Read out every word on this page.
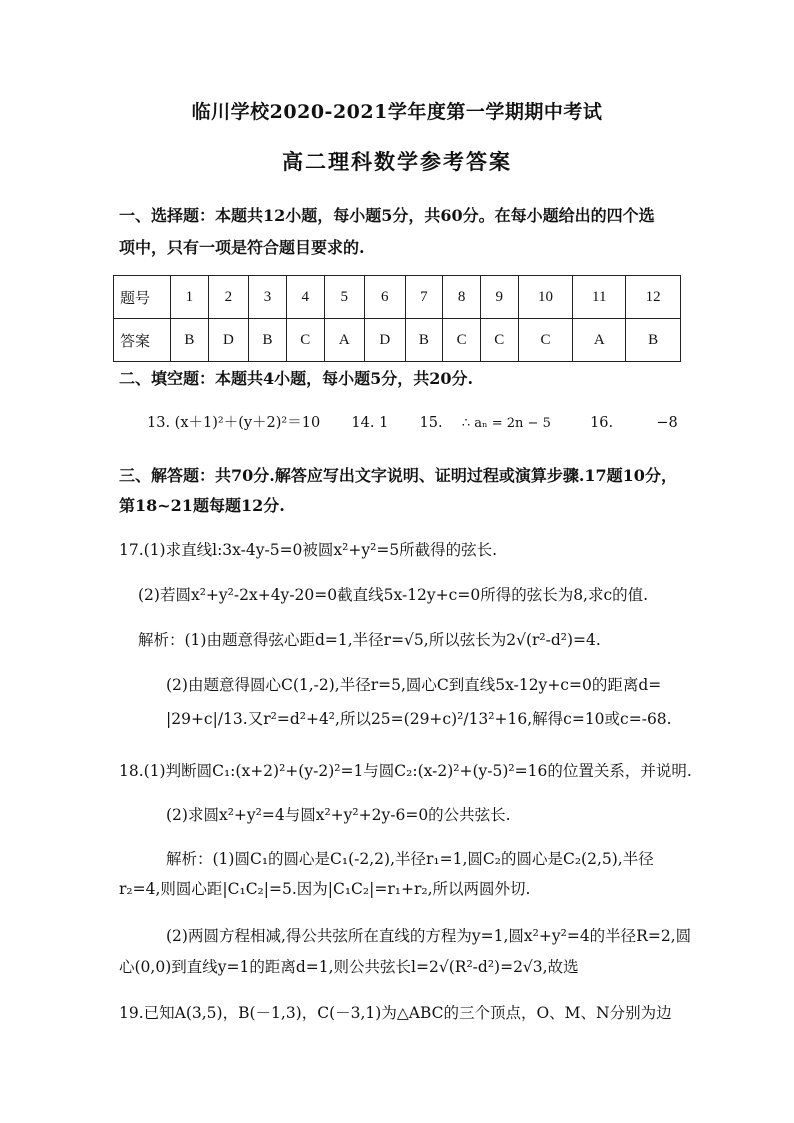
临川学校2020-2021学年度第一学期期中考试
高二理科数学参考答案
一、选择题：本题共12小题，每小题5分，共60分。在每小题给出的四个选
项中，只有一项是符合题目要求的.
题号	1	2	3	4	5	6	7	8	9	10	11	12
答案	B	D	B	C	A	D	B	C	C	C	A	B
二、填空题：本题共4小题，每小题5分，共20分.
13. (x＋1)²＋(y＋2)²＝10 14. 1 15. ∴ aₙ = 2n − 5	16.	−8
三、解答题：共70分.解答应写出文字说明、证明过程或演算步骤.17题10分，
第18~21题每题12分.
17.(1)求直线l:3x-4y-5=0被圆x²+y²=5所截得的弦长.
(2)若圆x²+y²-2x+4y-20=0截直线5x-12y+c=0所得的弦长为8,求c的值.
解析：(1)由题意得弦心距d=1,半径r=√5,所以弦长为2√(r²-d²)=4.
(2)由题意得圆心C(1,-2),半径r=5,圆心C到直线5x-12y+c=0的距离d=
|29+c|/13.又r²=d²+4²,所以25=(29+c)²/13²+16,解得c=10或c=-68.
18.(1)判断圆C₁:(x+2)²+(y-2)²=1与圆C₂:(x-2)²+(y-5)²=16的位置关系，并说明.
(2)求圆x²+y²=4与圆x²+y²+2y-6=0的公共弦长.
解析：(1)圆C₁的圆心是C₁(-2,2),半径r₁=1,圆C₂的圆心是C₂(2,5),半径
r₂=4,则圆心距|C₁C₂|=5.因为|C₁C₂|=r₁+r₂,所以两圆外切.
(2)两圆方程相减,得公共弦所在直线的方程为y=1,圆x²+y²=4的半径R=2,圆
心(0,0)到直线y=1的距离d=1,则公共弦长l=2√(R²-d²)=2√3,故选
19.已知A(3,5)，B(－1,3)，C(－3,1)为△ABC的三个顶点，O、M、N分别为边
